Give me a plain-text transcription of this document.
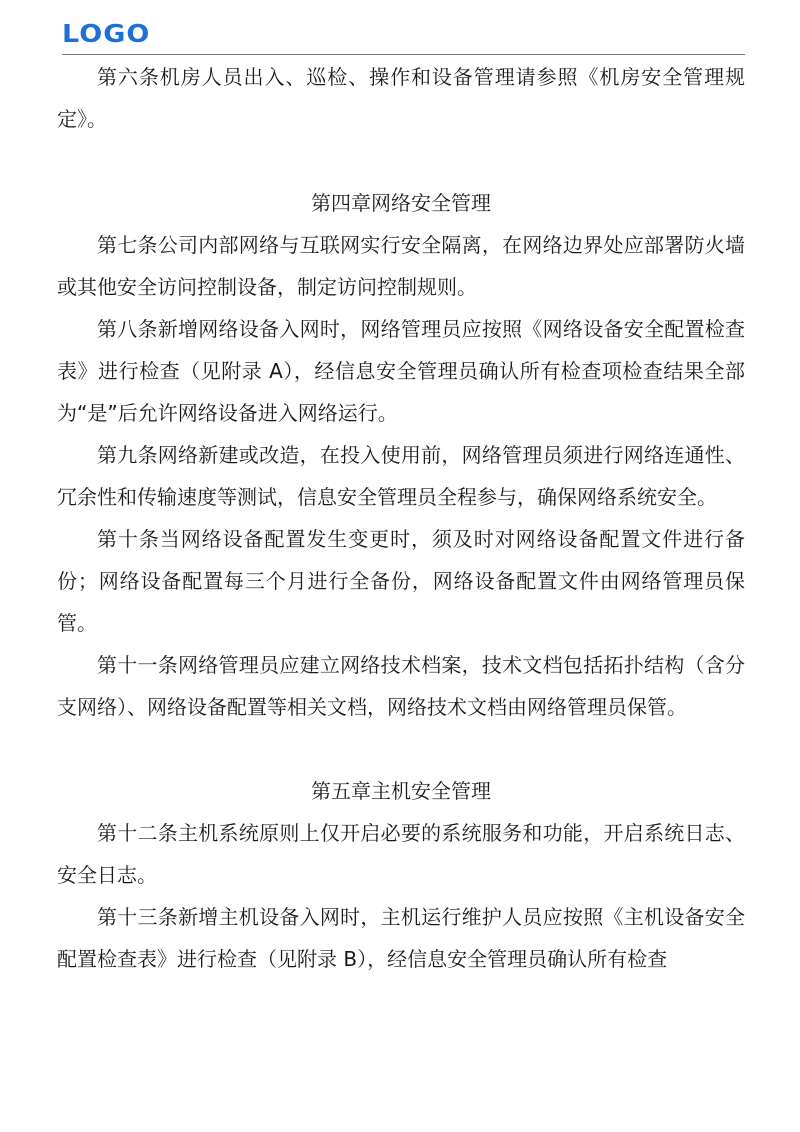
LOGO

第六条机房人员出入、巡检、操作和设备管理请参照《机房安全管理规定》。

第四章网络安全管理

第七条公司内部网络与互联网实行安全隔离，在网络边界处应部署防火墙或其他安全访问控制设备，制定访问控制规则。

第八条新增网络设备入网时，网络管理员应按照《网络设备安全配置检查表》进行检查（见附录 A），经信息安全管理员确认所有检查项检查结果全部为“是”后允许网络设备进入网络运行。

第九条网络新建或改造，在投入使用前，网络管理员须进行网络连通性、冗余性和传输速度等测试，信息安全管理员全程参与，确保网络系统安全。

第十条当网络设备配置发生变更时，须及时对网络设备配置文件进行备份；网络设备配置每三个月进行全备份，网络设备配置文件由网络管理员保管。

第十一条网络管理员应建立网络技术档案，技术文档包括拓扑结构（含分支网络）、网络设备配置等相关文档，网络技术文档由网络管理员保管。

第五章主机安全管理

第十二条主机系统原则上仅开启必要的系统服务和功能，开启系统日志、安全日志。

第十三条新增主机设备入网时，主机运行维护人员应按照《主机设备安全配置检查表》进行检查（见附录 B），经信息安全管理员确认所有检查
